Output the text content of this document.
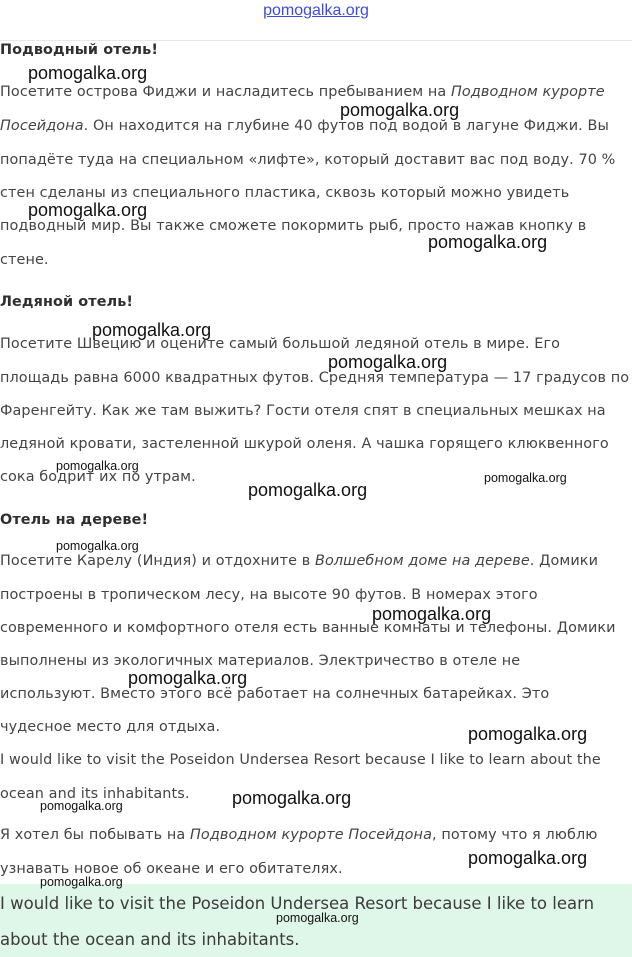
pomogalka.org
Подводный отель!
Посетите острова Фиджи и насладитесь пребыванием на Подводном курорте
Посейдона. Он находится на глубине 40 футов под водой в лагуне Фиджи. Вы
попадёте туда на специальном «лифте», который доставит вас под воду. 70 %
стен сделаны из специального пластика, сквозь который можно увидеть
подводный мир. Вы также сможете покормить рыб, просто нажав кнопку в
стене.
Ледяной отель!
Посетите Швецию и оцените самый большой ледяной отель в мире. Его
площадь равна 6000 квадратных футов. Средняя температура — 17 градусов по
Фаренгейту. Как же там выжить? Гости отеля спят в специальных мешках на
ледяной кровати, застеленной шкурой оленя. А чашка горящего клюквенного
сока бодрит их по утрам.
Отель на дереве!
Посетите Карелу (Индия) и отдохните в Волшебном доме на дереве. Домики
построены в тропическом лесу, на высоте 90 футов. В номерах этого
современного и комфортного отеля есть ванные комнаты и телефоны. Домики
выполнены из экологичных материалов. Электричество в отеле не
используют. Вместо этого всё работает на солнечных батарейках. Это
чудесное место для отдыха.
I would like to visit the Poseidon Undersea Resort because I like to learn about the
ocean and its inhabitants.
Я хотел бы побывать на Подводном курорте Посейдона, потому что я люблю
узнавать новое об океане и его обитателях.
I would like to visit the Poseidon Undersea Resort because I like to learn
about the ocean and its inhabitants.
pomogalka.org
pomogalka.org
pomogalka.org
pomogalka.org
pomogalka.org
pomogalka.org
pomogalka.org
pomogalka.org
pomogalka.org
pomogalka.org
pomogalka.org
pomogalka.org
pomogalka.org
pomogalka.org
pomogalka.org
pomogalka.org
pomogalka.org
pomogalka.org
